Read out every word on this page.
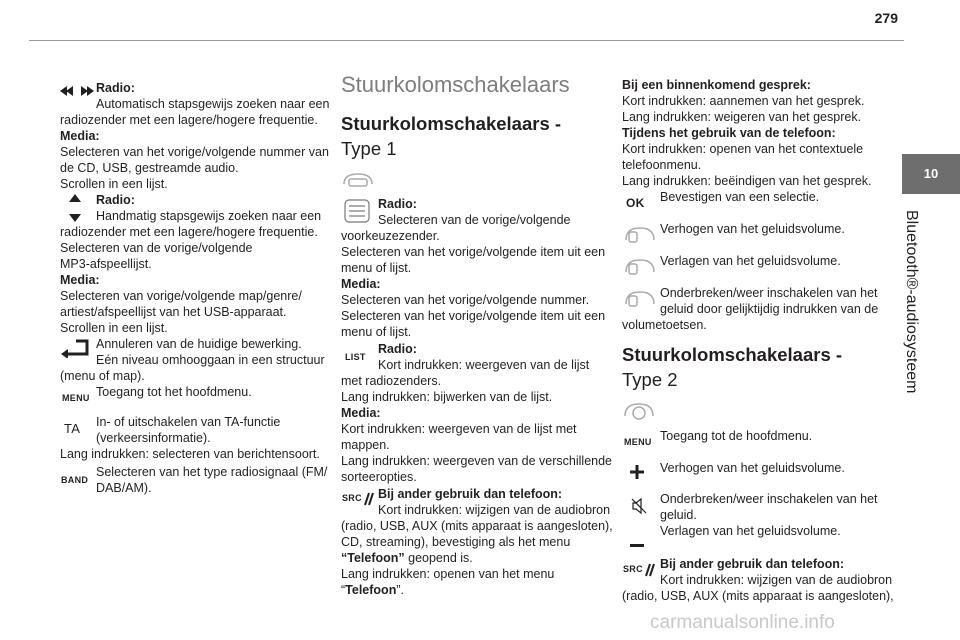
279
10
Bluetooth®-audiosysteem
Radio:
Automatisch stapsgewijs zoeken naar een
radiozender met een lagere/hogere frequentie.
Media:
Selecteren van het vorige/volgende nummer van
de CD, USB, gestreamde audio.
Scrollen in een lijst.
Radio:
Handmatig stapsgewijs zoeken naar een
radiozender met een lagere/hogere frequentie.
Selecteren van de vorige/volgende
MP3-afspeellijst.
Media:
Selecteren van vorige/volgende map/genre/
artiest/afspeellijst van het USB-apparaat.
Scrollen in een lijst.
Annuleren van de huidige bewerking.
Eén niveau omhooggaan in een structuur
(menu of map).
MENU Toegang tot het hoofdmenu.
TA In- of uitschakelen van TA-functie
(verkeersinformatie).
Lang indrukken: selecteren van berichtensoort.
BAND
Selecteren van het type radiosignaal (FM/
DAB/AM).
Stuurkolomschakelaars
Stuurkolomschakelaars -
Type 1
Radio:
Selecteren van de vorige/volgende
voorkeuzezender.
Selecteren van het vorige/volgende item uit een
menu of lijst.
Media:
Selecteren van het vorige/volgende nummer.
Selecteren van het vorige/volgende item uit een
menu of lijst.
LIST
Radio:
Kort indrukken: weergeven van de lijst
met radiozenders.
Lang indrukken: bijwerken van de lijst.
Media:
Kort indrukken: weergeven van de lijst met
mappen.
Lang indrukken: weergeven van de verschillende
sorteeropties.
SRC Bij ander gebruik dan telefoon:
Kort indrukken: wijzigen van de audiobron
(radio, USB, AUX (mits apparaat is aangesloten),
CD, streaming), bevestiging als het menu
“Telefoon” geopend is.
Lang indrukken: openen van het menu
“Telefoon”.
Bij een binnenkomend gesprek:
Kort indrukken: aannemen van het gesprek.
Lang indrukken: weigeren van het gesprek.
Tijdens het gebruik van de telefoon:
Kort indrukken: openen van het contextuele
telefoonmenu.
Lang indrukken: beëindigen van het gesprek.
OK Bevestigen van een selectie.
Verhogen van het geluidsvolume.
Verlagen van het geluidsvolume.
Onderbreken/weer inschakelen van het
geluid door gelijktijdig indrukken van de
volumetoetsen.
Stuurkolomschakelaars -
Type 2
MENU Toegang tot de hoofdmenu.
Verhogen van het geluidsvolume.
Onderbreken/weer inschakelen van het
geluid.
Verlagen van het geluidsvolume.
SRC Bij ander gebruik dan telefoon:
Kort indrukken: wijzigen van de audiobron
(radio, USB, AUX (mits apparaat is aangesloten),
carmanualsonline.info
